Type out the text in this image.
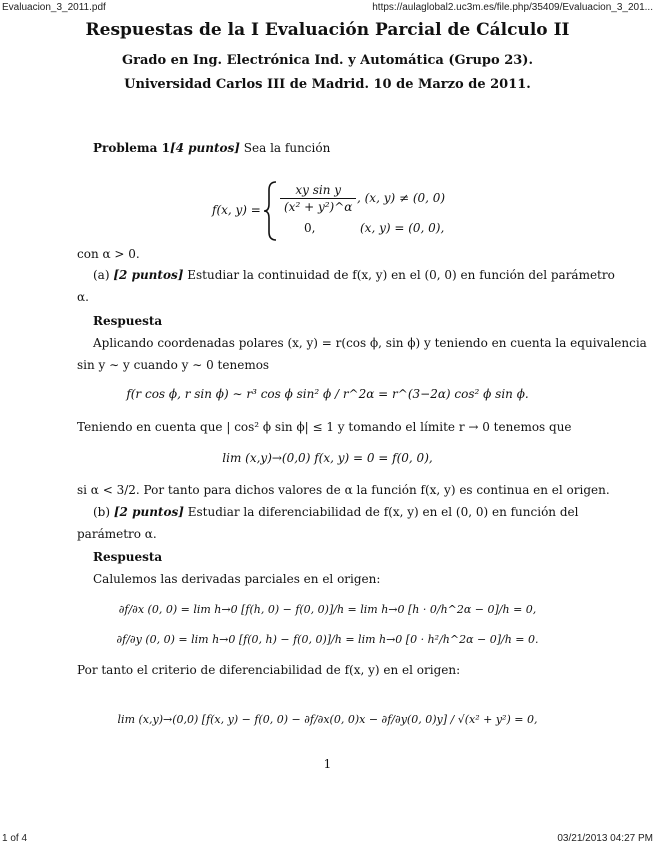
Evaluacion_3_2011.pdf	https://aulaglobal2.uc3m.es/file.php/35409/Evaluacion_3_201...
1 of 4	03/21/2013 04:27 PM
Respuestas de la I Evaluación Parcial de Cálculo II
Grado en Ing. Electrónica Ind. y Automática (Grupo 23).
Universidad Carlos III de Madrid. 10 de Marzo de 2011.
Problema 1[4 puntos] Sea la función
f(x, $y) = \frac{\text{xy sin y}}{\text{(x² + y²)\textasciicircum{}α}}$ , (x, y) ≠ (0, 0)
0,	(x, y) = (0, 0),
con α > 0.
(a) [2 puntos] Estudiar la continuidad de f(x, y) en el (0, 0) en función del parámetro
α.
Respuesta
Aplicando coordenadas polares (x, y) = r(cos ϕ, sin ϕ) y teniendo en cuenta la equivalencia
sin y ∼ y cuando y ∼ 0 tenemos
f(r cos ϕ, r sin ϕ) ∼ r³ cos ϕ sin² ϕ / r^2α = r^(3−2α) cos² ϕ sin ϕ.
Teniendo en cuenta que | cos² ϕ sin ϕ| ≤ 1 y tomando el límite r → 0 tenemos que
lim (x,y)→(0,0) f(x, y) = 0 = f(0, 0),
si α < 3/2. Por tanto para dichos valores de α la función f(x, y) es continua en el origen.
(b) [2 puntos] Estudiar la diferenciabilidad de f(x, y) en el (0, 0) en función del
parámetro α.
Respuesta
Calulemos las derivadas parciales en el origen:
∂f/∂x (0, 0) = lim h→0 [f(h, 0) − f(0, 0)]/h = lim h→0 [h · 0/h^2α − 0]/h = 0,
∂f/∂y (0, 0) = lim h→0 [f(0, h) − f(0, 0)]/h = lim h→0 [0 · h²/h^2α − 0]/h = 0.
Por tanto el criterio de diferenciabilidad de f(x, y) en el origen:
lim (x,y)→(0,0) [f(x, y) − f(0, 0) − ∂f/∂x(0, 0)x − ∂f/∂y(0, 0)y] / √(x² + y²) = 0,
1
